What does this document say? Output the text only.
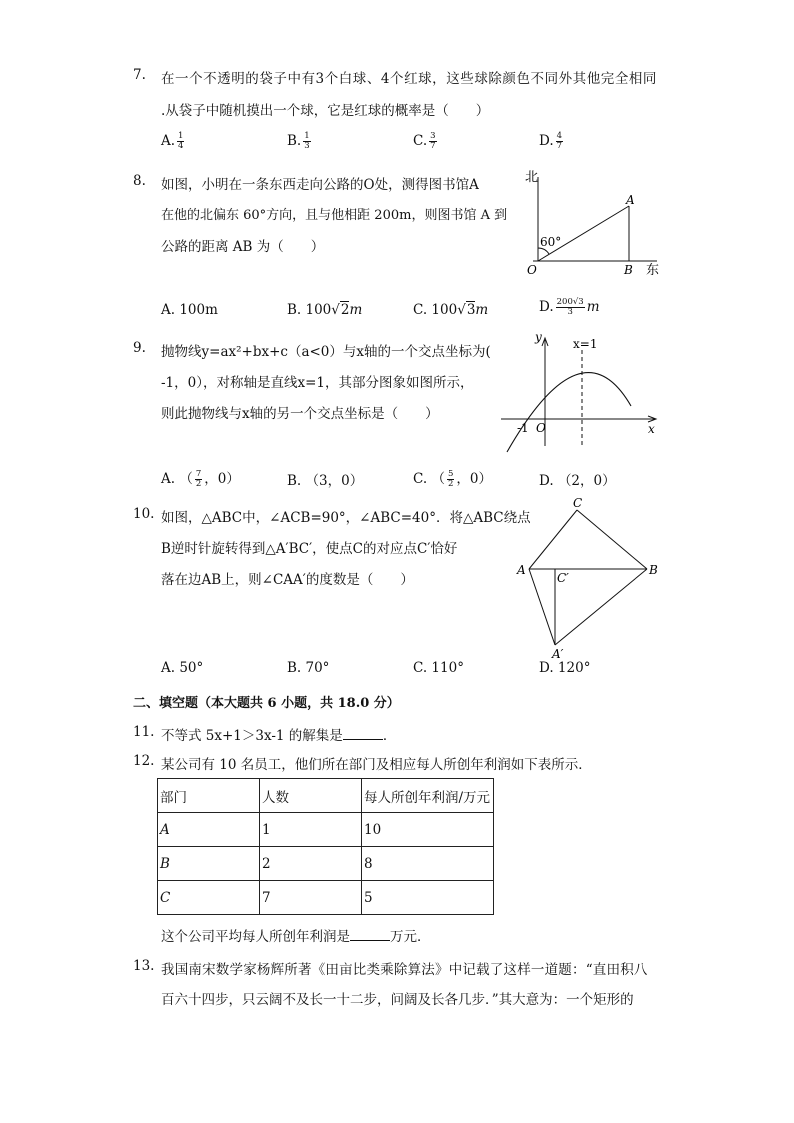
7. 在一个不透明的袋子中有3个白球、4个红球，这些球除颜色不同外其他完全相同
.从袋子中随机摸出一个球，它是红球的概率是（　　）
A. $\frac{1}{4}$	B. $\frac{1}{3}$	C. $\frac{3}{7}$	D. $\frac{4}{7}$
8. 如图，小明在一条东西走向公路的O处，测得图书馆A
在他的北偏东 60°方向，且与他相距 200m，则图书馆 A 到
公路的距离 AB 为（　　）
北
A
60°
O	B 东
A. 100m	B. 100√2m	C. 100√3m	D. $\frac{200√3}{3}$ m
9. 抛物线y=ax²+bx+c（a<0）与x轴的一个交点坐标为(
-1，0），对称轴是直线x=1，其部分图象如图所示，
则此抛物线与x轴的另一个交点坐标是（　　）
y	x=1
-1 O	x
A. （ $\frac{7}{2}$ ，0）	B. （3，0）	C. （ $\frac{5}{2}$ ，0）	D. （2，0）
10. 如图，△ABC中，∠ACB=90°，∠ABC=40°．将△ABC绕点
B逆时针旋转得到△A′BC′，使点C的对应点C′恰好
落在边AB上，则∠CAA′的度数是（　　）
C
A	B
C′
A′
A. 50°	B. 70°	C. 110°	D. 120°
二、填空题（本大题共 6 小题，共 18.0 分）
11. 不等式 5x+1＞3x-1 的解集是	．
12. 某公司有 10 名员工，他们所在部门及相应每人所创年利润如下表所示．
部门	人数	每人所创年利润/万元
A	1	10
B	2	8
C	7	5
这个公司平均每人所创年利润是	万元．
13. 我国南宋数学家杨辉所著《田亩比类乘除算法》中记载了这样一道题：“直田积八
百六十四步，只云阔不及长一十二步，问阔及长各几步．”其大意为：一个矩形的
